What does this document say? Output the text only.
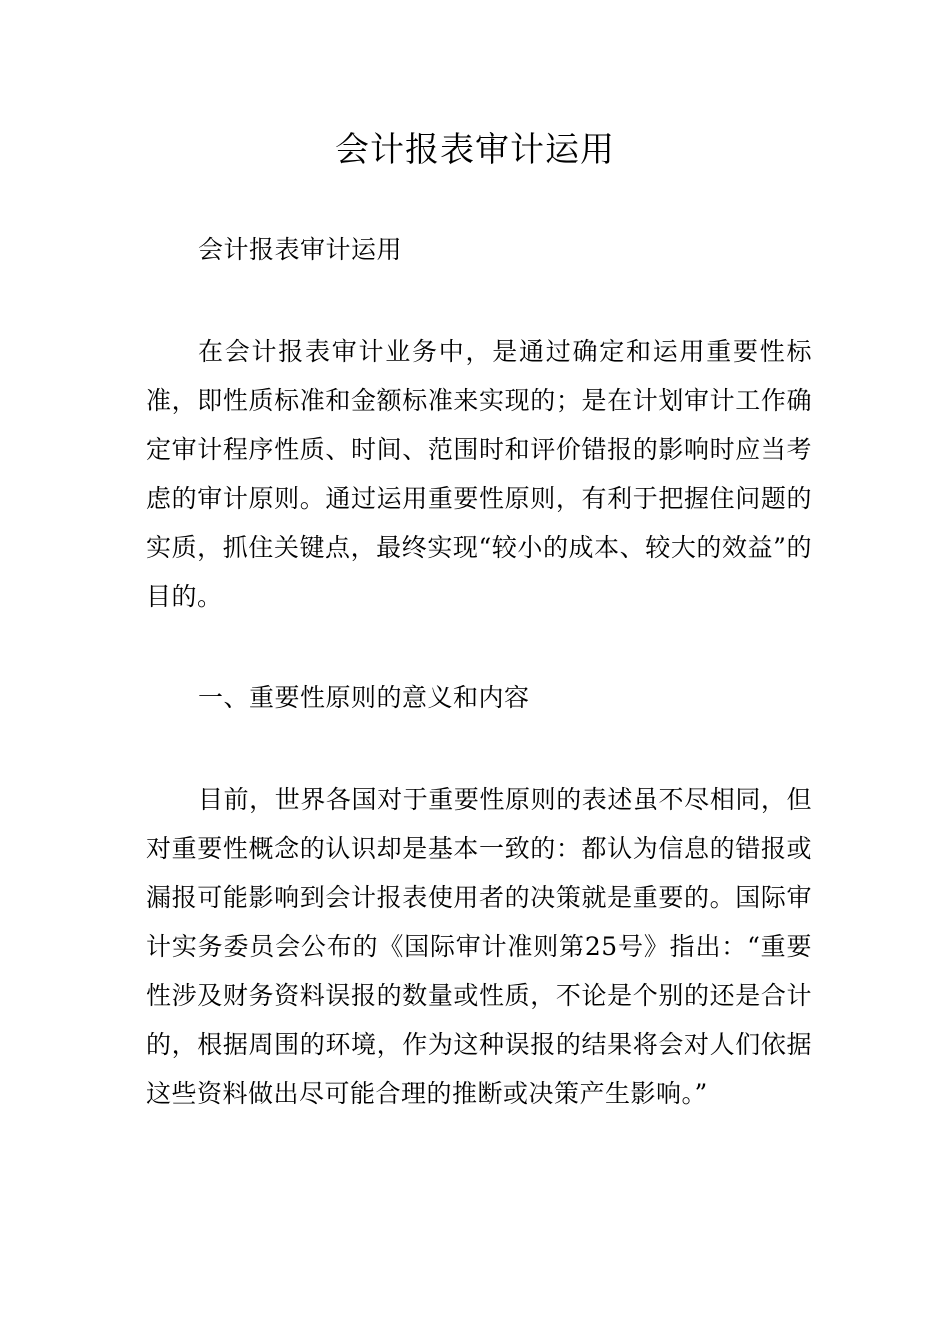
会计报表审计运用

会计报表审计运用

在会计报表审计业务中，是通过确定和运用重要性标准，即性质标准和金额标准来实现的；是在计划审计工作确定审计程序性质、时间、范围时和评价错报的影响时应当考虑的审计原则。通过运用重要性原则，有利于把握住问题的实质，抓住关键点，最终实现“较小的成本、较大的效益”的目的。

一、重要性原则的意义和内容

目前，世界各国对于重要性原则的表述虽不尽相同，但对重要性概念的认识却是基本一致的：都认为信息的错报或漏报可能影响到会计报表使用者的决策就是重要的。国际审计实务委员会公布的《国际审计准则第25号》指出：“重要性涉及财务资料误报的数量或性质，不论是个别的还是合计的，根据周围的环境，作为这种误报的结果将会对人们依据这些资料做出尽可能合理的推断或决策产生影响。”
